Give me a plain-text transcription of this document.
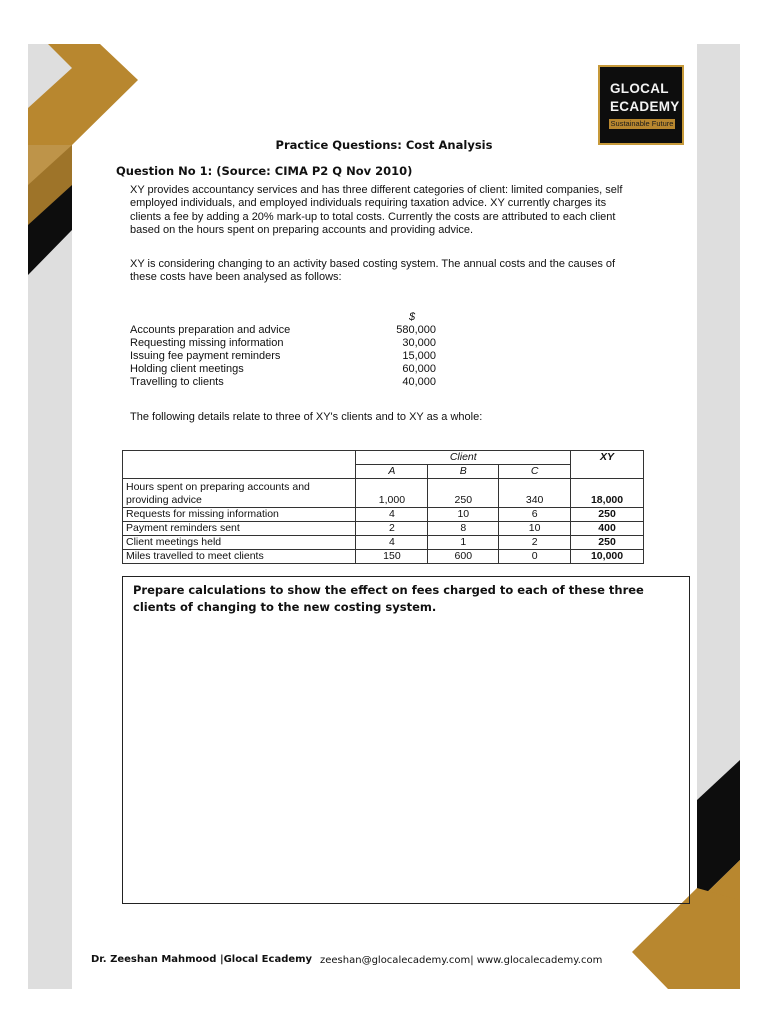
GLOCAL
ECADEMY
Sustainable Future
Practice Questions: Cost Analysis
Question No 1: (Source: CIMA P2 Q Nov 2010)
XY provides accountancy services and has three different categories of client: limited companies, self employed individuals, and employed individuals requiring taxation advice. XY currently charges its clients a fee by adding a 20% mark-up to total costs. Currently the costs are attributed to each client based on the hours spent on preparing accounts and providing advice.
XY is considering changing to an activity based costing system. The annual costs and the causes of these costs have been analysed as follows:
$
Accounts preparation and advice	580,000
Requesting missing information	30,000
Issuing fee payment reminders	15,000
Holding client meetings	60,000
Travelling to clients	40,000
The following details relate to three of XY's clients and to XY as a whole:
	Client			XY
	A	B	C	
Hours spent on preparing accounts and providing advice	1,000	250	340	18,000
Requests for missing information	4	10	6	250
Payment reminders sent	2	8	10	400
Client meetings held	4	1	2	250
Miles travelled to meet clients	150	600	0	10,000
Prepare calculations to show the effect on fees charged to each of these three clients of changing to the new costing system.
Dr. Zeeshan Mahmood |Glocal Ecademy zeeshan@glocalecademy.com| www.glocalecademy.com
